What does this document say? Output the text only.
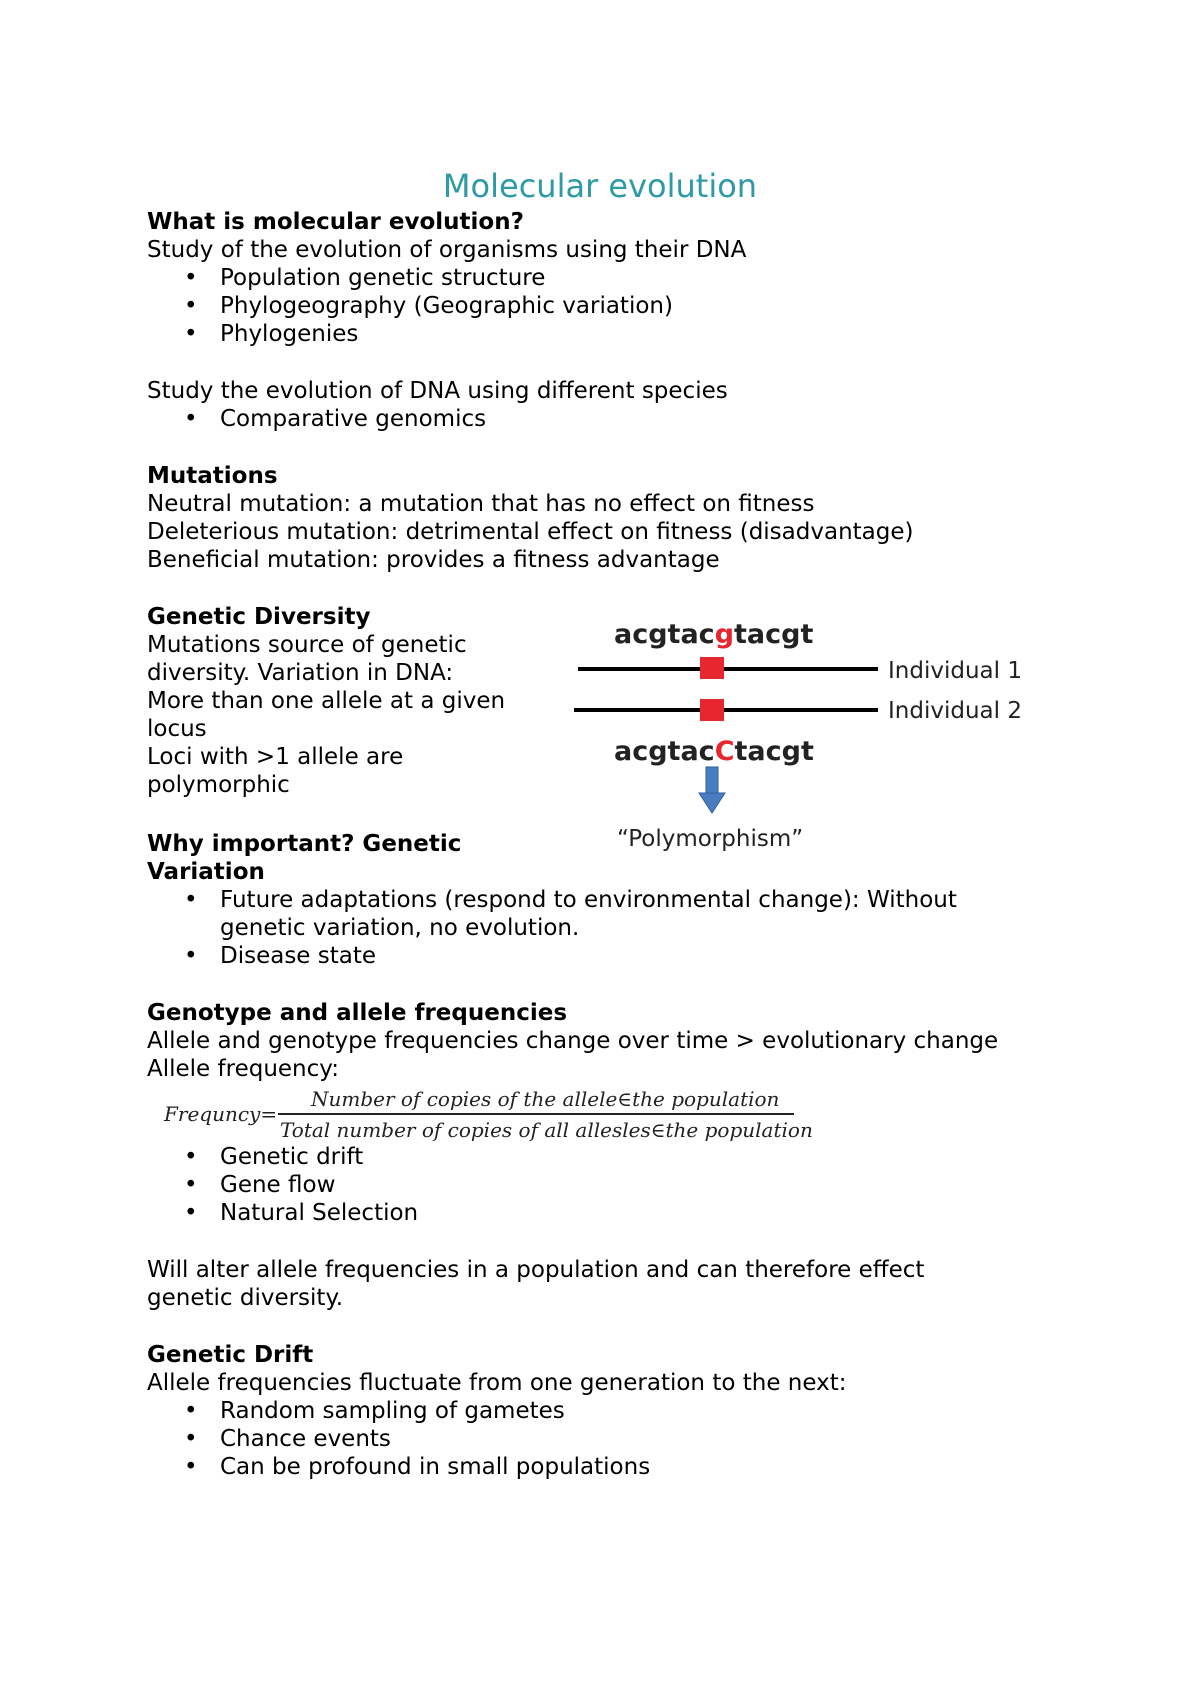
Molecular evolution
What is molecular evolution?
Study of the evolution of organisms using their DNA
• Population genetic structure
• Phylogeography (Geographic variation)
• Phylogenies
Study the evolution of DNA using different species
• Comparative genomics
Mutations
Neutral mutation: a mutation that has no effect on fitness
Deleterious mutation: detrimental effect on fitness (disadvantage)
Beneficial mutation: provides a fitness advantage
Genetic Diversity
Mutations source of genetic
diversity. Variation in DNA:
More than one allele at a given
locus
Loci with >1 allele are
polymorphic
acgtacgtacgt
Individual 1
Individual 2
acgtacCtacgt
“Polymorphism”
Why important? Genetic
Variation
• Future adaptations (respond to environmental change): Without
genetic variation, no evolution.
• Disease state
Genotype and allele frequencies
Allele and genotype frequencies change over time > evolutionary change
Allele frequency:
Frequncy=
Number of copies of the allele∈the population
Total number of copies of all allesles∈the population
• Genetic drift
• Gene flow
• Natural Selection
Will alter allele frequencies in a population and can therefore effect
genetic diversity.
Genetic Drift
Allele frequencies fluctuate from one generation to the next:
• Random sampling of gametes
• Chance events
• Can be profound in small populations
